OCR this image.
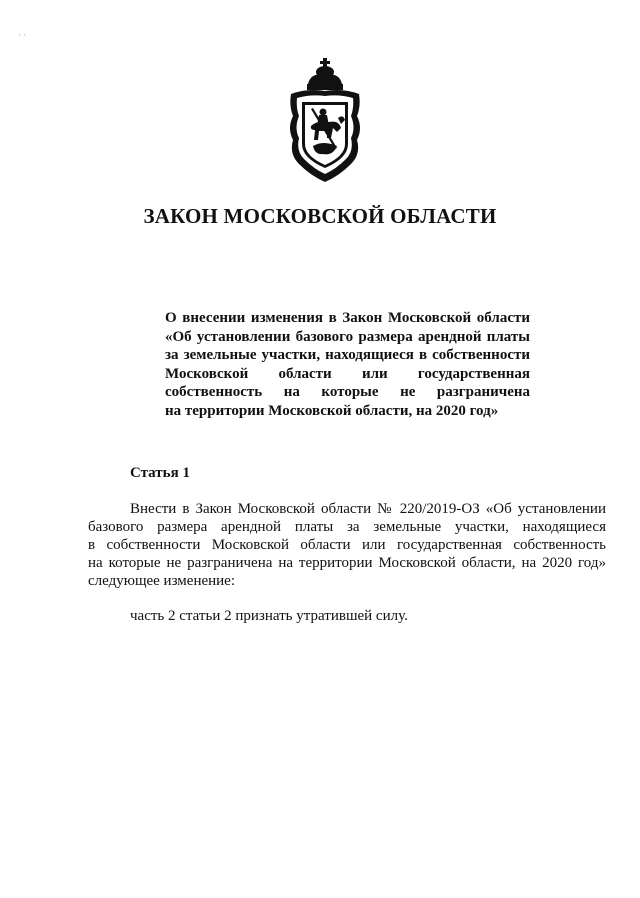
· ·
ЗАКОН МОСКОВСКОЙ ОБЛАСТИ
О внесении изменения в Закон Московской области
«Об установлении базового размера арендной платы
за земельные участки, находящиеся в собственности
Московской области или государственная
собственность на которые не разграничена
на территории Московской области, на 2020 год»
Статья 1
Внести в Закон Московской области № 220/2019-ОЗ «Об установлении
базового размера арендной платы за земельные участки, находящиеся
в собственности Московской области или государственная собственность
на которые не разграничена на территории Московской области, на 2020 год»
следующее изменение:
часть 2 статьи 2 признать утратившей силу.
